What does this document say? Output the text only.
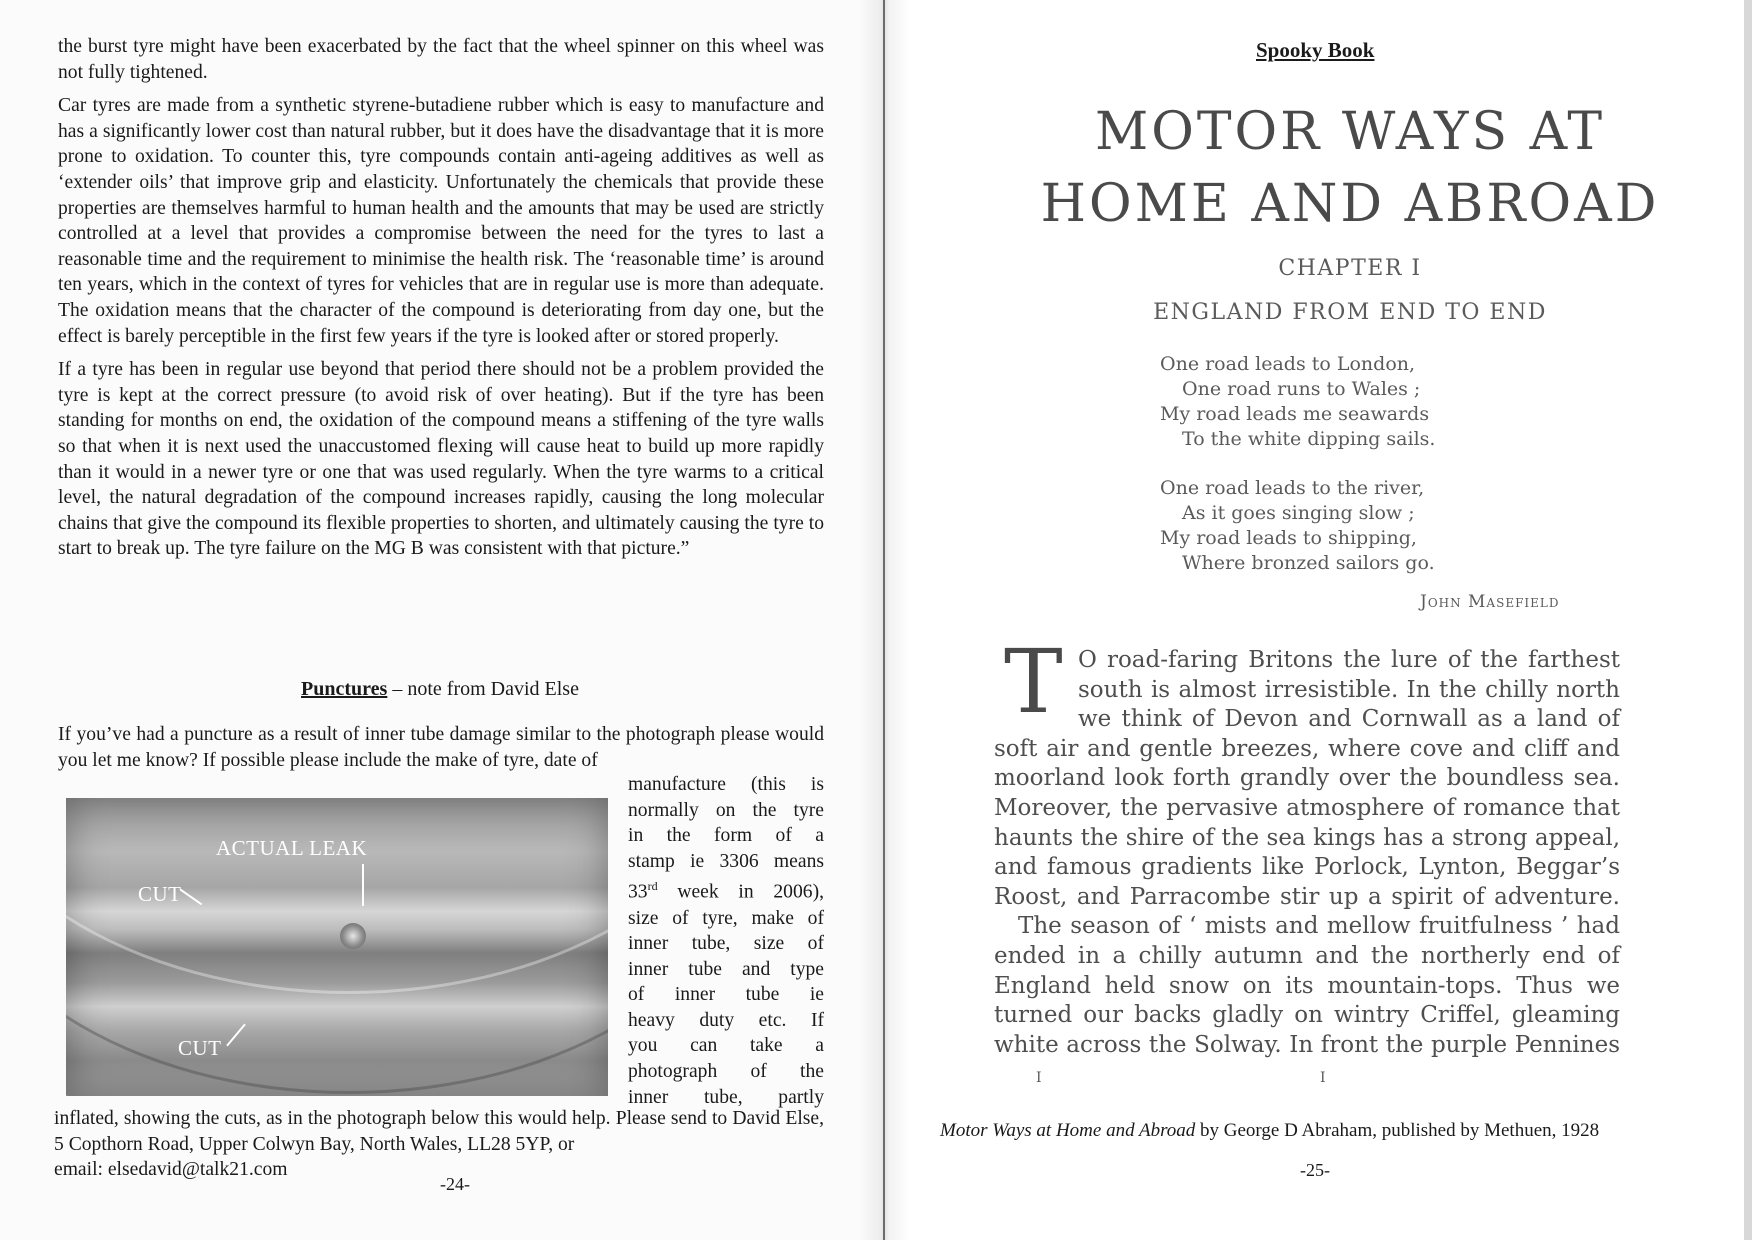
the burst tyre might have been exacerbated by the fact that the wheel spinner on this wheel was not fully tightened.

Car tyres are made from a synthetic styrene-butadiene rubber which is easy to manufacture and has a significantly lower cost than natural rubber, but it does have the disadvantage that it is more prone to oxidation. To counter this, tyre compounds contain anti-ageing additives as well as ‘extender oils’ that improve grip and elasticity. Unfortunately the chemicals that provide these properties are themselves harmful to human health and the amounts that may be used are strictly controlled at a level that provides a compromise between the need for the tyres to last a reasonable time and the requirement to minimise the health risk. The ‘reasonable time’ is around ten years, which in the context of tyres for vehicles that are in regular use is more than adequate. The oxidation means that the character of the compound is deteriorating from day one, but the effect is barely perceptible in the first few years if the tyre is looked after or stored properly.

If a tyre has been in regular use beyond that period there should not be a problem provided the tyre is kept at the correct pressure (to avoid risk of over heating). But if the tyre has been standing for months on end, the oxidation of the compound means a stiffening of the tyre walls so that when it is next used the unaccustomed flexing will cause heat to build up more rapidly than it would in a newer tyre or one that was used regularly. When the tyre warms to a critical level, the natural degradation of the compound increases rapidly, causing the long molecular chains that give the compound its flexible properties to shorten, and ultimately causing the tyre to start to break up. The tyre failure on the MG B was consistent with that picture.”

Punctures – note from David Else
If you’ve had a puncture as a result of inner tube damage similar to the photograph please would you let me know? If possible please include the make of tyre, date of
ACTUAL LEAK
CUT
CUT
manufacture (this is
normally on the tyre
in the form of a
stamp ie 3306 means
33rd week in 2006),
size of tyre, make of
inner tube, size of
inner tube and type
of inner tube ie
heavy duty etc. If
you can take a
photograph of the
inner tube, partly
inflated, showing the cuts, as in the photograph below this would help. Please send to David Else, 5 Copthorn Road, Upper Colwyn Bay, North Wales, LL28 5YP, or
email: elsedavid@talk21.com
-24-
Spooky Book
MOTOR WAYS AT
HOME AND ABROAD
CHAPTER I
ENGLAND FROM END TO END
One road leads to London,
One road runs to Wales ;
My road leads me seawards
To the white dipping sails.
One road leads to the river,
As it goes singing slow ;
My road leads to shipping,
Where bronzed sailors go.
John Masefield
T O road-faring Britons the lure of the farthest
south is almost irresistible. In the chilly north
we think of Devon and Cornwall as a land of
soft air and gentle breezes, where cove and cliff and
moorland look forth grandly over the boundless sea.
Moreover, the pervasive atmosphere of romance that
haunts the shire of the sea kings has a strong appeal,
and famous gradients like Porlock, Lynton, Beggar’s
Roost, and Parracombe stir up a spirit of adventure.
The season of ‘ mists and mellow fruitfulness ’ had
ended in a chilly autumn and the northerly end of
England held snow on its mountain-tops. Thus we
turned our backs gladly on wintry Criffel, gleaming
white across the Solway. In front the purple Pennines
I	I
Motor Ways at Home and Abroad by George D Abraham, published by Methuen, 1928
-25-
